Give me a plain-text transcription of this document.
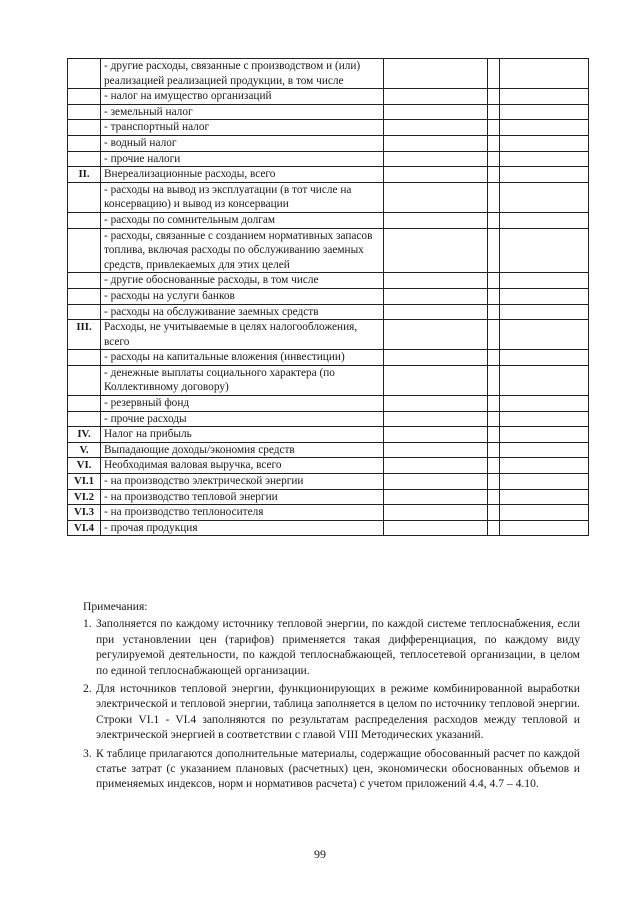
	- другие расходы, связанные с производством и (или) реализацией реализацией продукции, в том числе			
	- налог на имущество организаций			
	- земельный налог			
	- транспортный налог			
	- водный налог			
	- прочие налоги			
II.	Внереализационные расходы, всего			
	- расходы на вывод из эксплуатации (в тот числе на консервацию) и вывод из консервации			
	- расходы по сомнительным долгам			
	- расходы, связанные с созданием нормативных запасов топлива, включая расходы по обслуживанию заемных средств, привлекаемых для этих целей			
	- другие обоснованные расходы, в том числе			
	- расходы на услуги банков			
	- расходы на обслуживание заемных средств			
III.	Расходы, не учитываемые в целях налогообложения, всего			
	- расходы на капитальные вложения (инвестиции)			
	- денежные выплаты социального характера (по Коллективному договору)			
	- резервный фонд			
	- прочие расходы			
IV.	Налог на прибыль			
V.	Выпадающие доходы/экономия средств			
VI.	Необходимая валовая выручка, всего			
VI.1	- на производство электрической энергии			
VI.2	- на производство тепловой энергии			
VI.3	- на производство теплоносителя			
VI.4	- прочая продукция			
Примечания:
1. Заполняется по каждому источнику тепловой энергии, по каждой системе теплоснабжения, если при установлении цен (тарифов) применяется такая дифференциация, по каждому виду регулируемой деятельности, по каждой теплоснабжающей, теплосетевой организации, в целом по единой теплоснабжающей организации.
2. Для источников тепловой энергии, функционирующих в режиме комбинированной выработки электрической и тепловой энергии, таблица заполняется в целом по источнику тепловой энергии. Строки VI.1 - VI.4 заполняются по результатам распределения расходов между тепловой и электрической энергией в соответствии с главой VIII Методических указаний.
3. К таблице прилагаются дополнительные материалы, содержащие обосованный расчет по каждой статье затрат (с указанием плановых (расчетных) цен, экономически обоснованных объемов и применяемых индексов, норм и нормативов расчета) с учетом приложений 4.4, 4.7 – 4.10.
99
